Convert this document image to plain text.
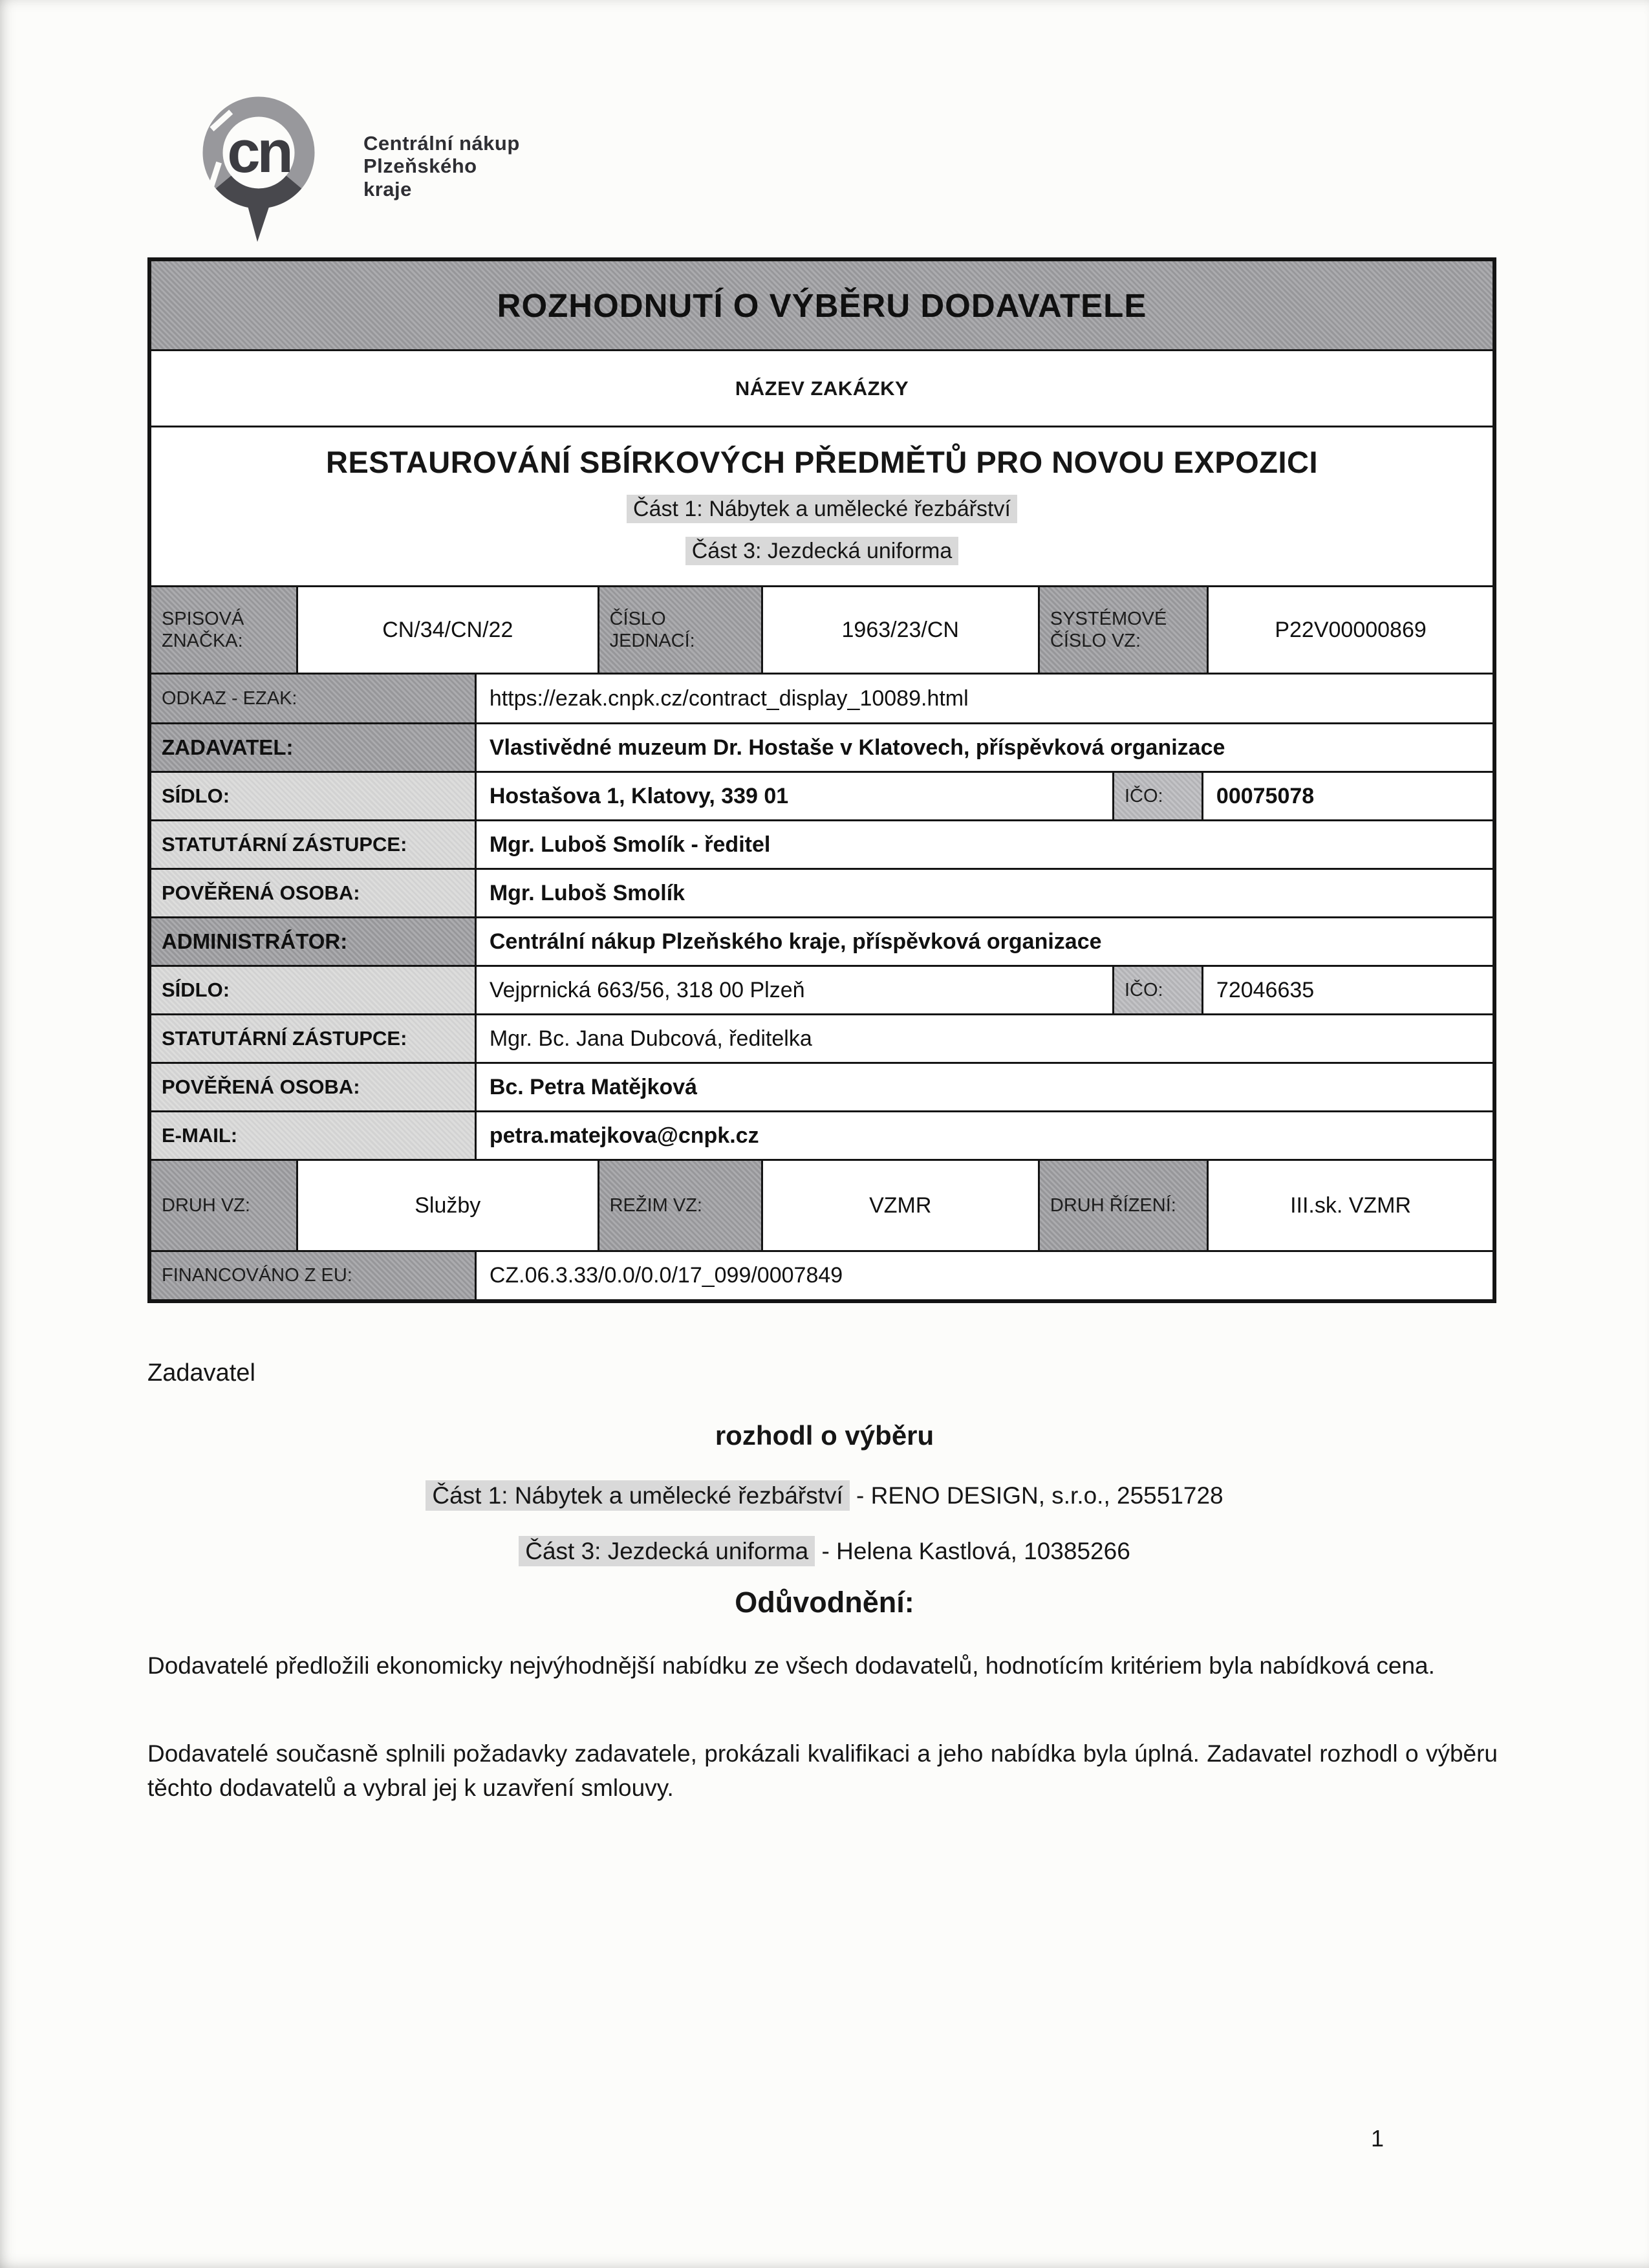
cn	Centrální nákup
Plzeňského
kraje
ROZHODNUTÍ O VÝBĚRU DODAVATELE
NÁZEV ZAKÁZKY
RESTAUROVÁNÍ SBÍRKOVÝCH PŘEDMĚTŮ PRO NOVOU EXPOZICI
Část 1: Nábytek a umělecké řezbářství
Část 3: Jezdecká uniforma
SPISOVÁ ZNAČKA:	CN/34/CN/22	ČÍSLO JEDNACÍ:	1963/23/CN	SYSTÉMOVÉ ČÍSLO VZ:	P22V00000869
ODKAZ - EZAK:	https://ezak.cnpk.cz/contract_display_10089.html
ZADAVATEL:	Vlastivědné muzeum Dr. Hostaše v Klatovech, příspěvková organizace
SÍDLO:	Hostašova 1, Klatovy, 339 01	IČO:	00075078
STATUTÁRNÍ ZÁSTUPCE:	Mgr. Luboš Smolík - ředitel
POVĚŘENÁ OSOBA:	Mgr. Luboš Smolík
ADMINISTRÁTOR:	Centrální nákup Plzeňského kraje, příspěvková organizace
SÍDLO:	Vejprnická 663/56, 318 00 Plzeň	IČO:	72046635
STATUTÁRNÍ ZÁSTUPCE:	Mgr. Bc. Jana Dubcová, ředitelka
POVĚŘENÁ OSOBA:	Bc. Petra Matějková
E-MAIL:	petra.matejkova@cnpk.cz
DRUH VZ:	Služby	REŽIM VZ:	VZMR	DRUH ŘÍZENÍ:	III.sk. VZMR
FINANCOVÁNO Z EU:	CZ.06.3.33/0.0/0.0/17_099/0007849
Zadavatel
rozhodl o výběru
Část 1: Nábytek a umělecké řezbářství - RENO DESIGN, s.r.o., 25551728
Část 3: Jezdecká uniforma - Helena Kastlová, 10385266
Odůvodnění:
Dodavatelé předložili ekonomicky nejvýhodnější nabídku ze všech dodavatelů, hodnotícím kritériem byla nabídková cena.
Dodavatelé současně splnili požadavky zadavatele, prokázali kvalifikaci a jeho nabídka byla úplná. Zadavatel rozhodl o výběru těchto dodavatelů a vybral jej k uzavření smlouvy.
1
